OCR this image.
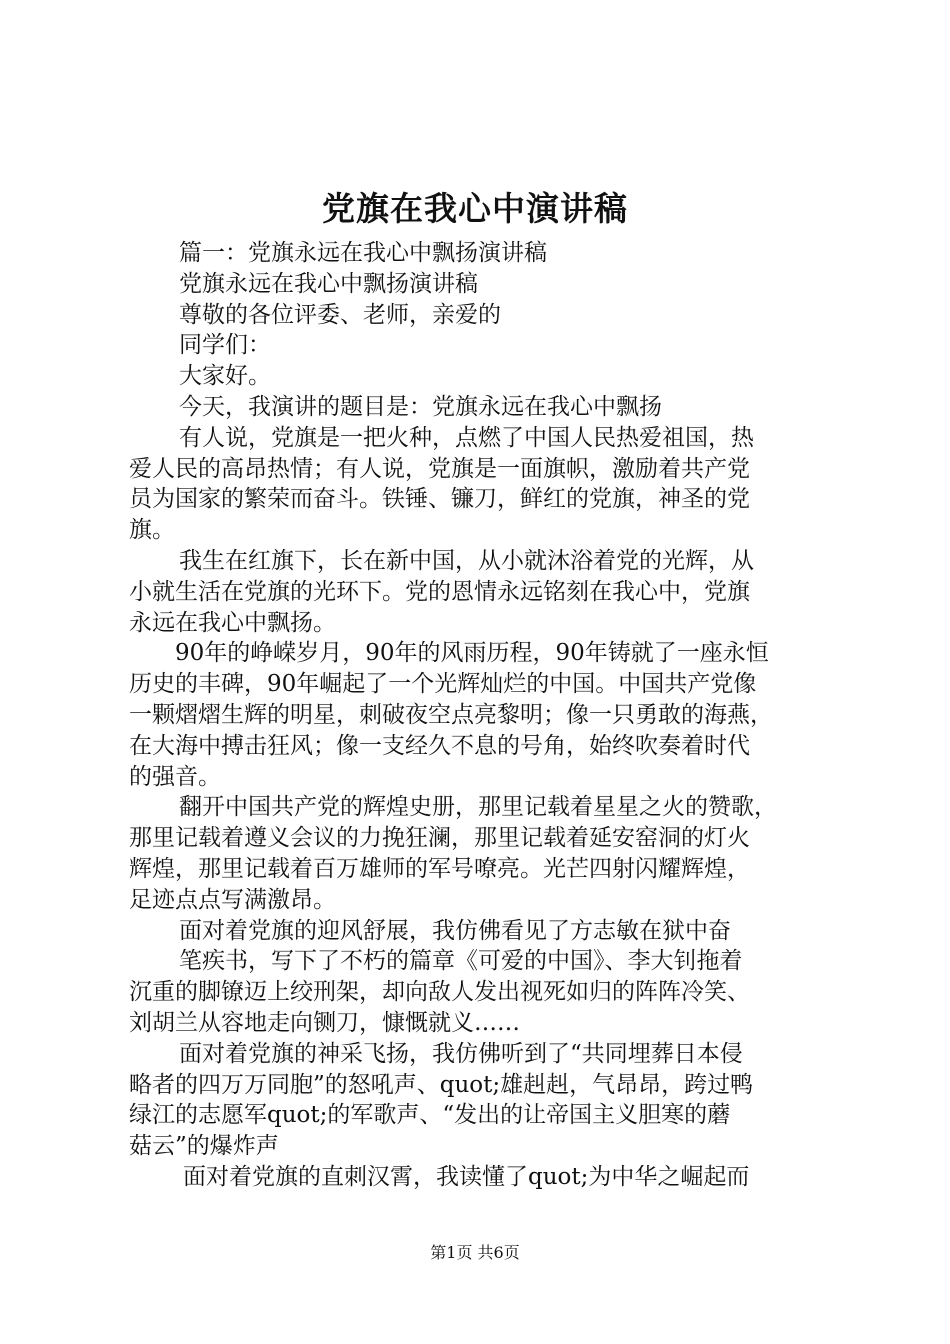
党旗在我心中演讲稿
篇一：党旗永远在我心中飘扬演讲稿
党旗永远在我心中飘扬演讲稿
尊敬的各位评委、老师，亲爱的
同学们：
大家好。
今天，我演讲的题目是：党旗永远在我心中飘扬
有人说，党旗是一把火种，点燃了中国人民热爱祖国，热
爱人民的高昂热情；有人说，党旗是一面旗帜，激励着共产党
员为国家的繁荣而奋斗。铁锤、镰刀，鲜红的党旗，神圣的党
旗。
我生在红旗下，长在新中国，从小就沐浴着党的光辉，从
小就生活在党旗的光环下。党的恩情永远铭刻在我心中，党旗
永远在我心中飘扬。
90年的峥嵘岁月，90年的风雨历程，90年铸就了一座永恒
历史的丰碑，90年崛起了一个光辉灿烂的中国。中国共产党像
一颗熠熠生辉的明星，刺破夜空点亮黎明；像一只勇敢的海燕，
在大海中搏击狂风；像一支经久不息的号角，始终吹奏着时代
的强音。
翻开中国共产党的辉煌史册，那里记载着星星之火的赞歌，
那里记载着遵义会议的力挽狂澜，那里记载着延安窑洞的灯火
辉煌，那里记载着百万雄师的军号嘹亮。光芒四射闪耀辉煌，
足迹点点写满激昂。
面对着党旗的迎风舒展，我仿佛看见了方志敏在狱中奋
笔疾书，写下了不朽的篇章《可爱的中国》、李大钊拖着
沉重的脚镣迈上绞刑架，却向敌人发出视死如归的阵阵冷笑、
刘胡兰从容地走向铡刀，慷慨就义……
面对着党旗的神采飞扬，我仿佛听到了“共同埋葬日本侵
略者的四万万同胞”的怒吼声、quot;雄赳赳，气昂昂，跨过鸭
绿江的志愿军quot;的军歌声、“发出的让帝国主义胆寒的蘑
菇云”的爆炸声
面对着党旗的直刺汉霄，我读懂了quot;为中华之崛起而
第1页 共6页
